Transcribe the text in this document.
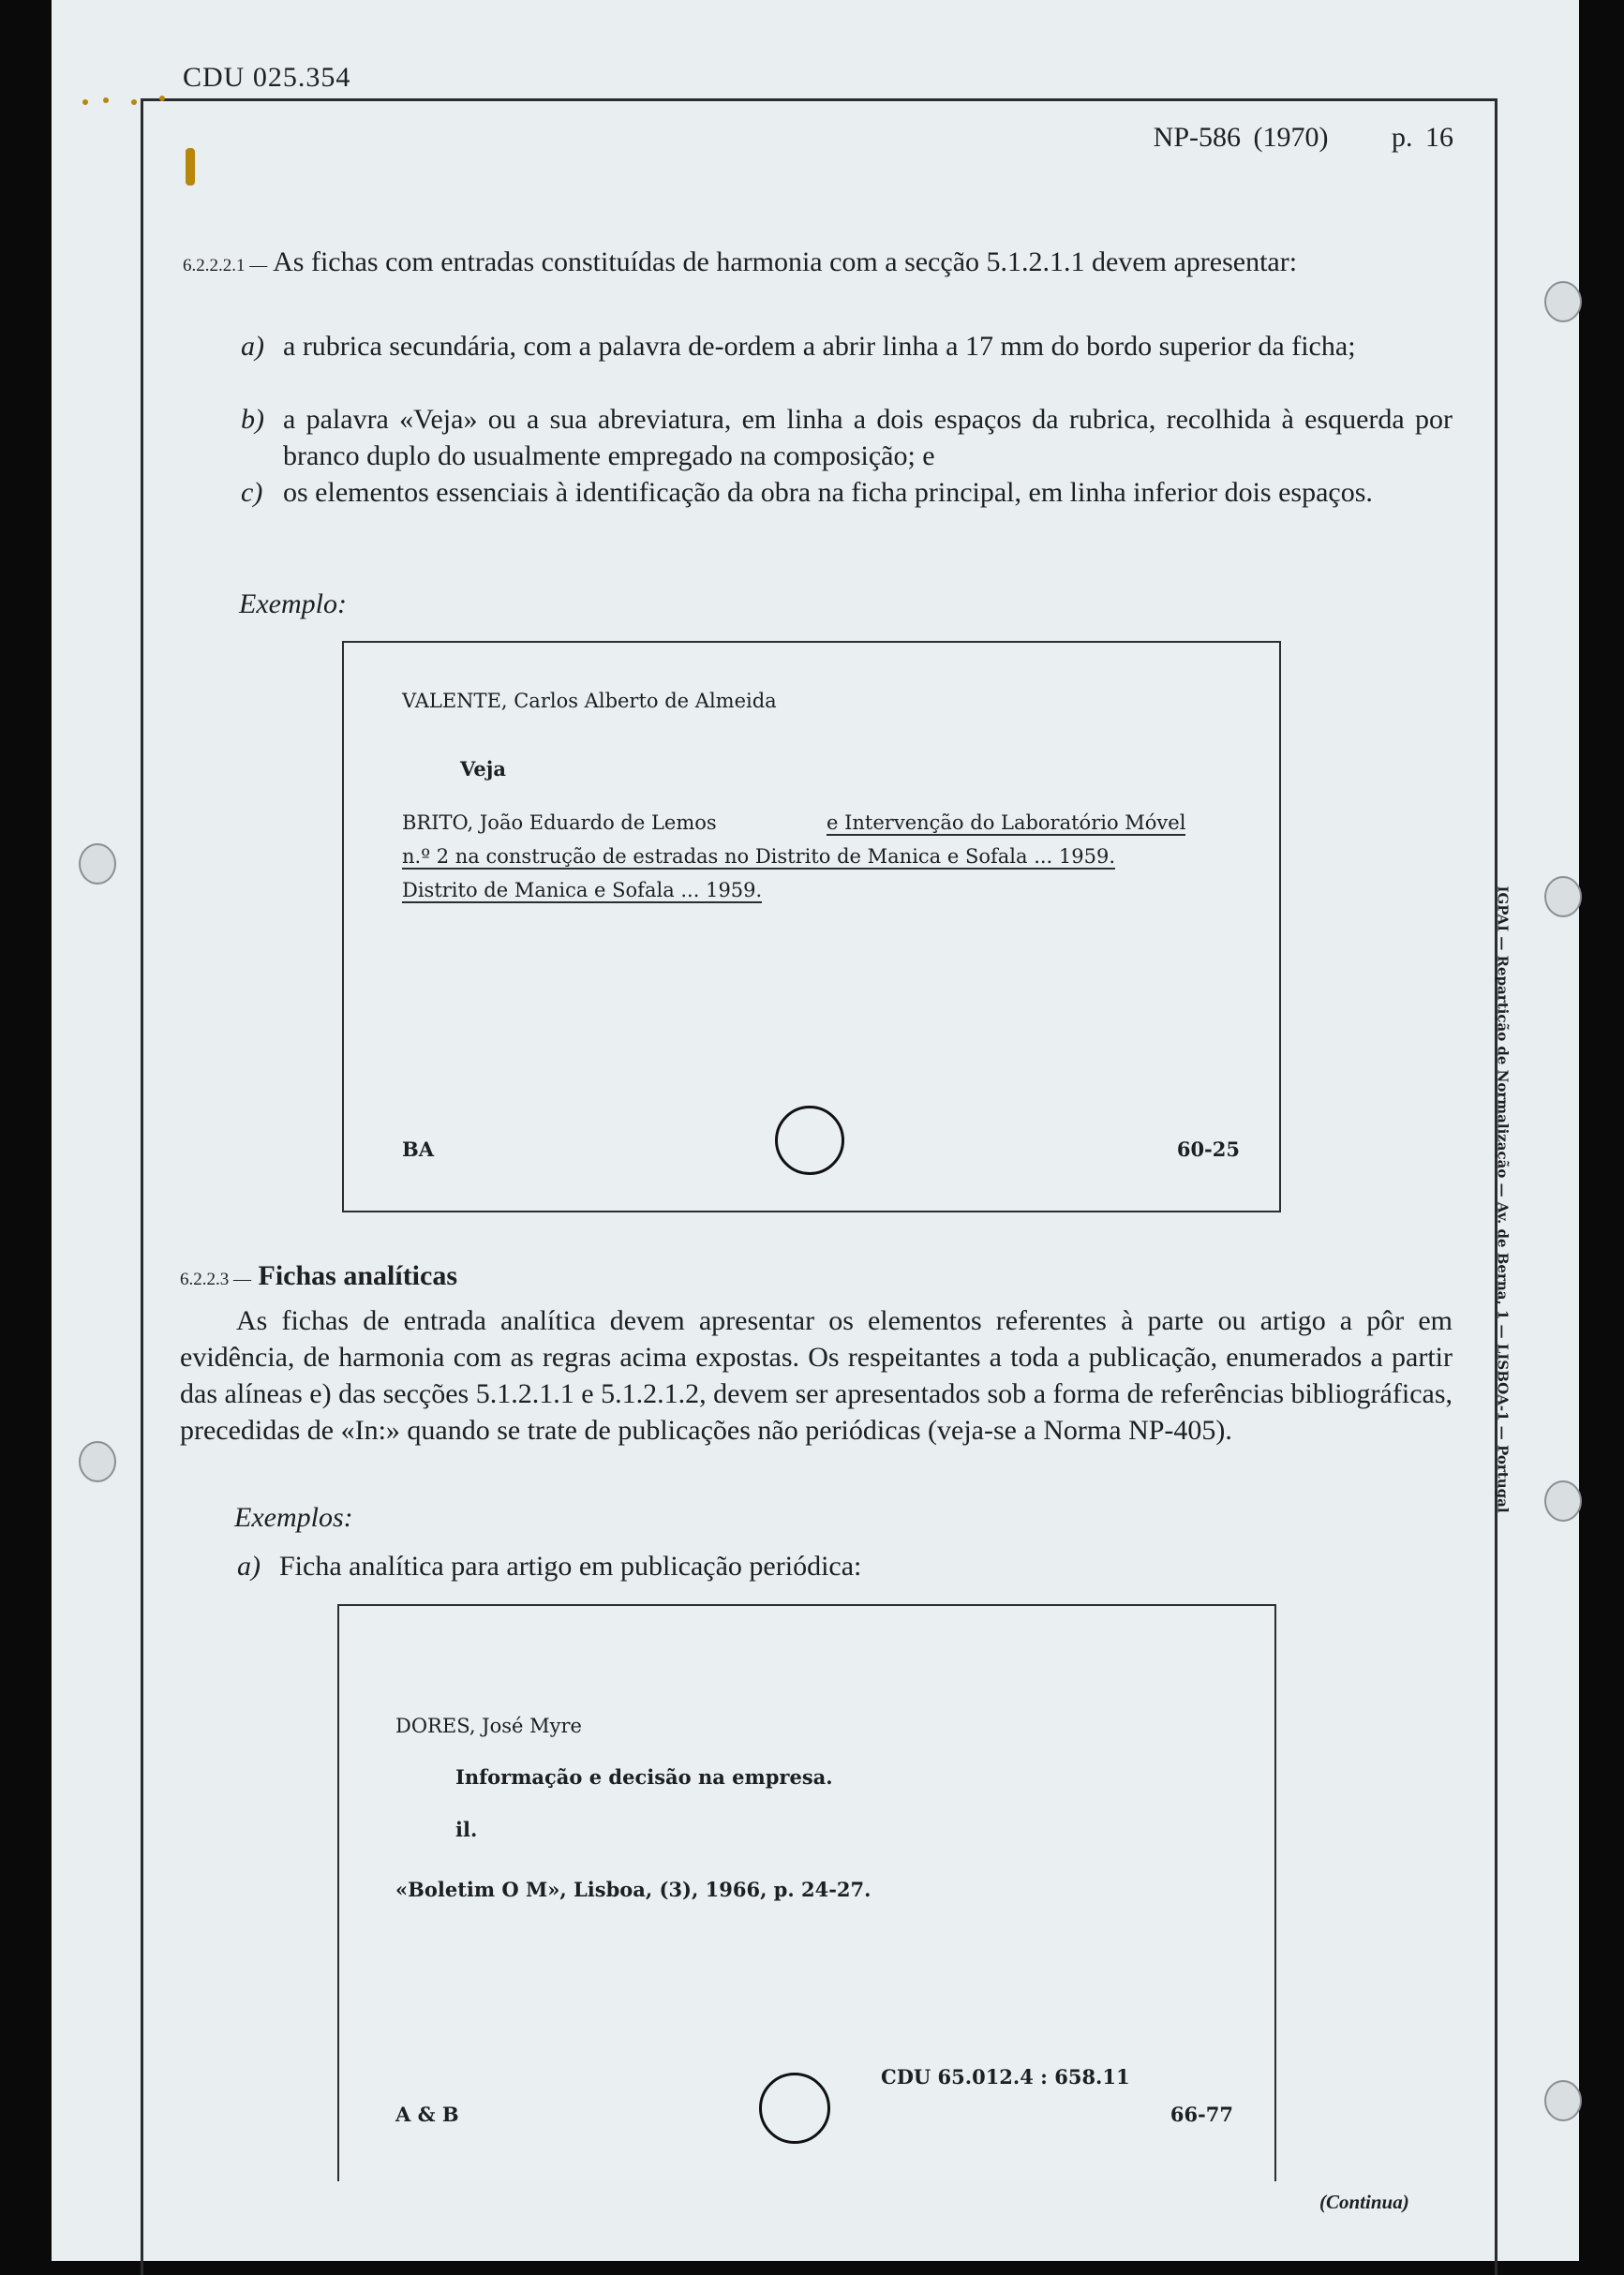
CDU 025.354
NP-586 (1970) p. 16
6.2.2.2.1 — As fichas com entradas constituídas de harmonia com a secção 5.1.2.1.1 devem apresentar:
a) a rubrica secundária, com a palavra de-ordem a abrir linha a 17 mm do bordo superior da ficha;
b) a palavra «Veja» ou a sua abreviatura, em linha a dois espaços da rubrica, recolhida à esquerda por branco duplo do usualmente empregado na composição; e
c) os elementos essenciais à identificação da obra na ficha principal, em linha inferior dois espaços.
Exemplo:
VALENTE, Carlos Alberto de Almeida
Veja
BRITO, João Eduardo de Lemos	e Intervenção do Laboratório Móvel
n.º 2 na construção de estradas no Distrito de Manica e Sofala ... 1959.
Distrito de Manica e Sofala ... 1959.
BA	60-25
6.2.2.3 — Fichas analíticas
As fichas de entrada analítica devem apresentar os elementos referentes à parte ou artigo a pôr em evidência, de harmonia com as regras acima expostas. Os respeitantes a toda a publicação, enumerados a partir das alíneas e) das secções 5.1.2.1.1 e 5.1.2.1.2, devem ser apresentados sob a forma de referências bibliográficas, precedidas de «In:» quando se trate de publicações não periódicas (veja-se a Norma NP-405).
Exemplos:
a) Ficha analítica para artigo em publicação periódica:
DORES, José Myre
Informação e decisão na empresa.
il.
«Boletim O M», Lisboa, (3), 1966, p. 24-27.
CDU 65.012.4 : 658.11
A & B	66-77
(Continua)
IGPAI — Repartição de Normalização — Av. de Berna, 1 — LISBOA-1 — Portugal
